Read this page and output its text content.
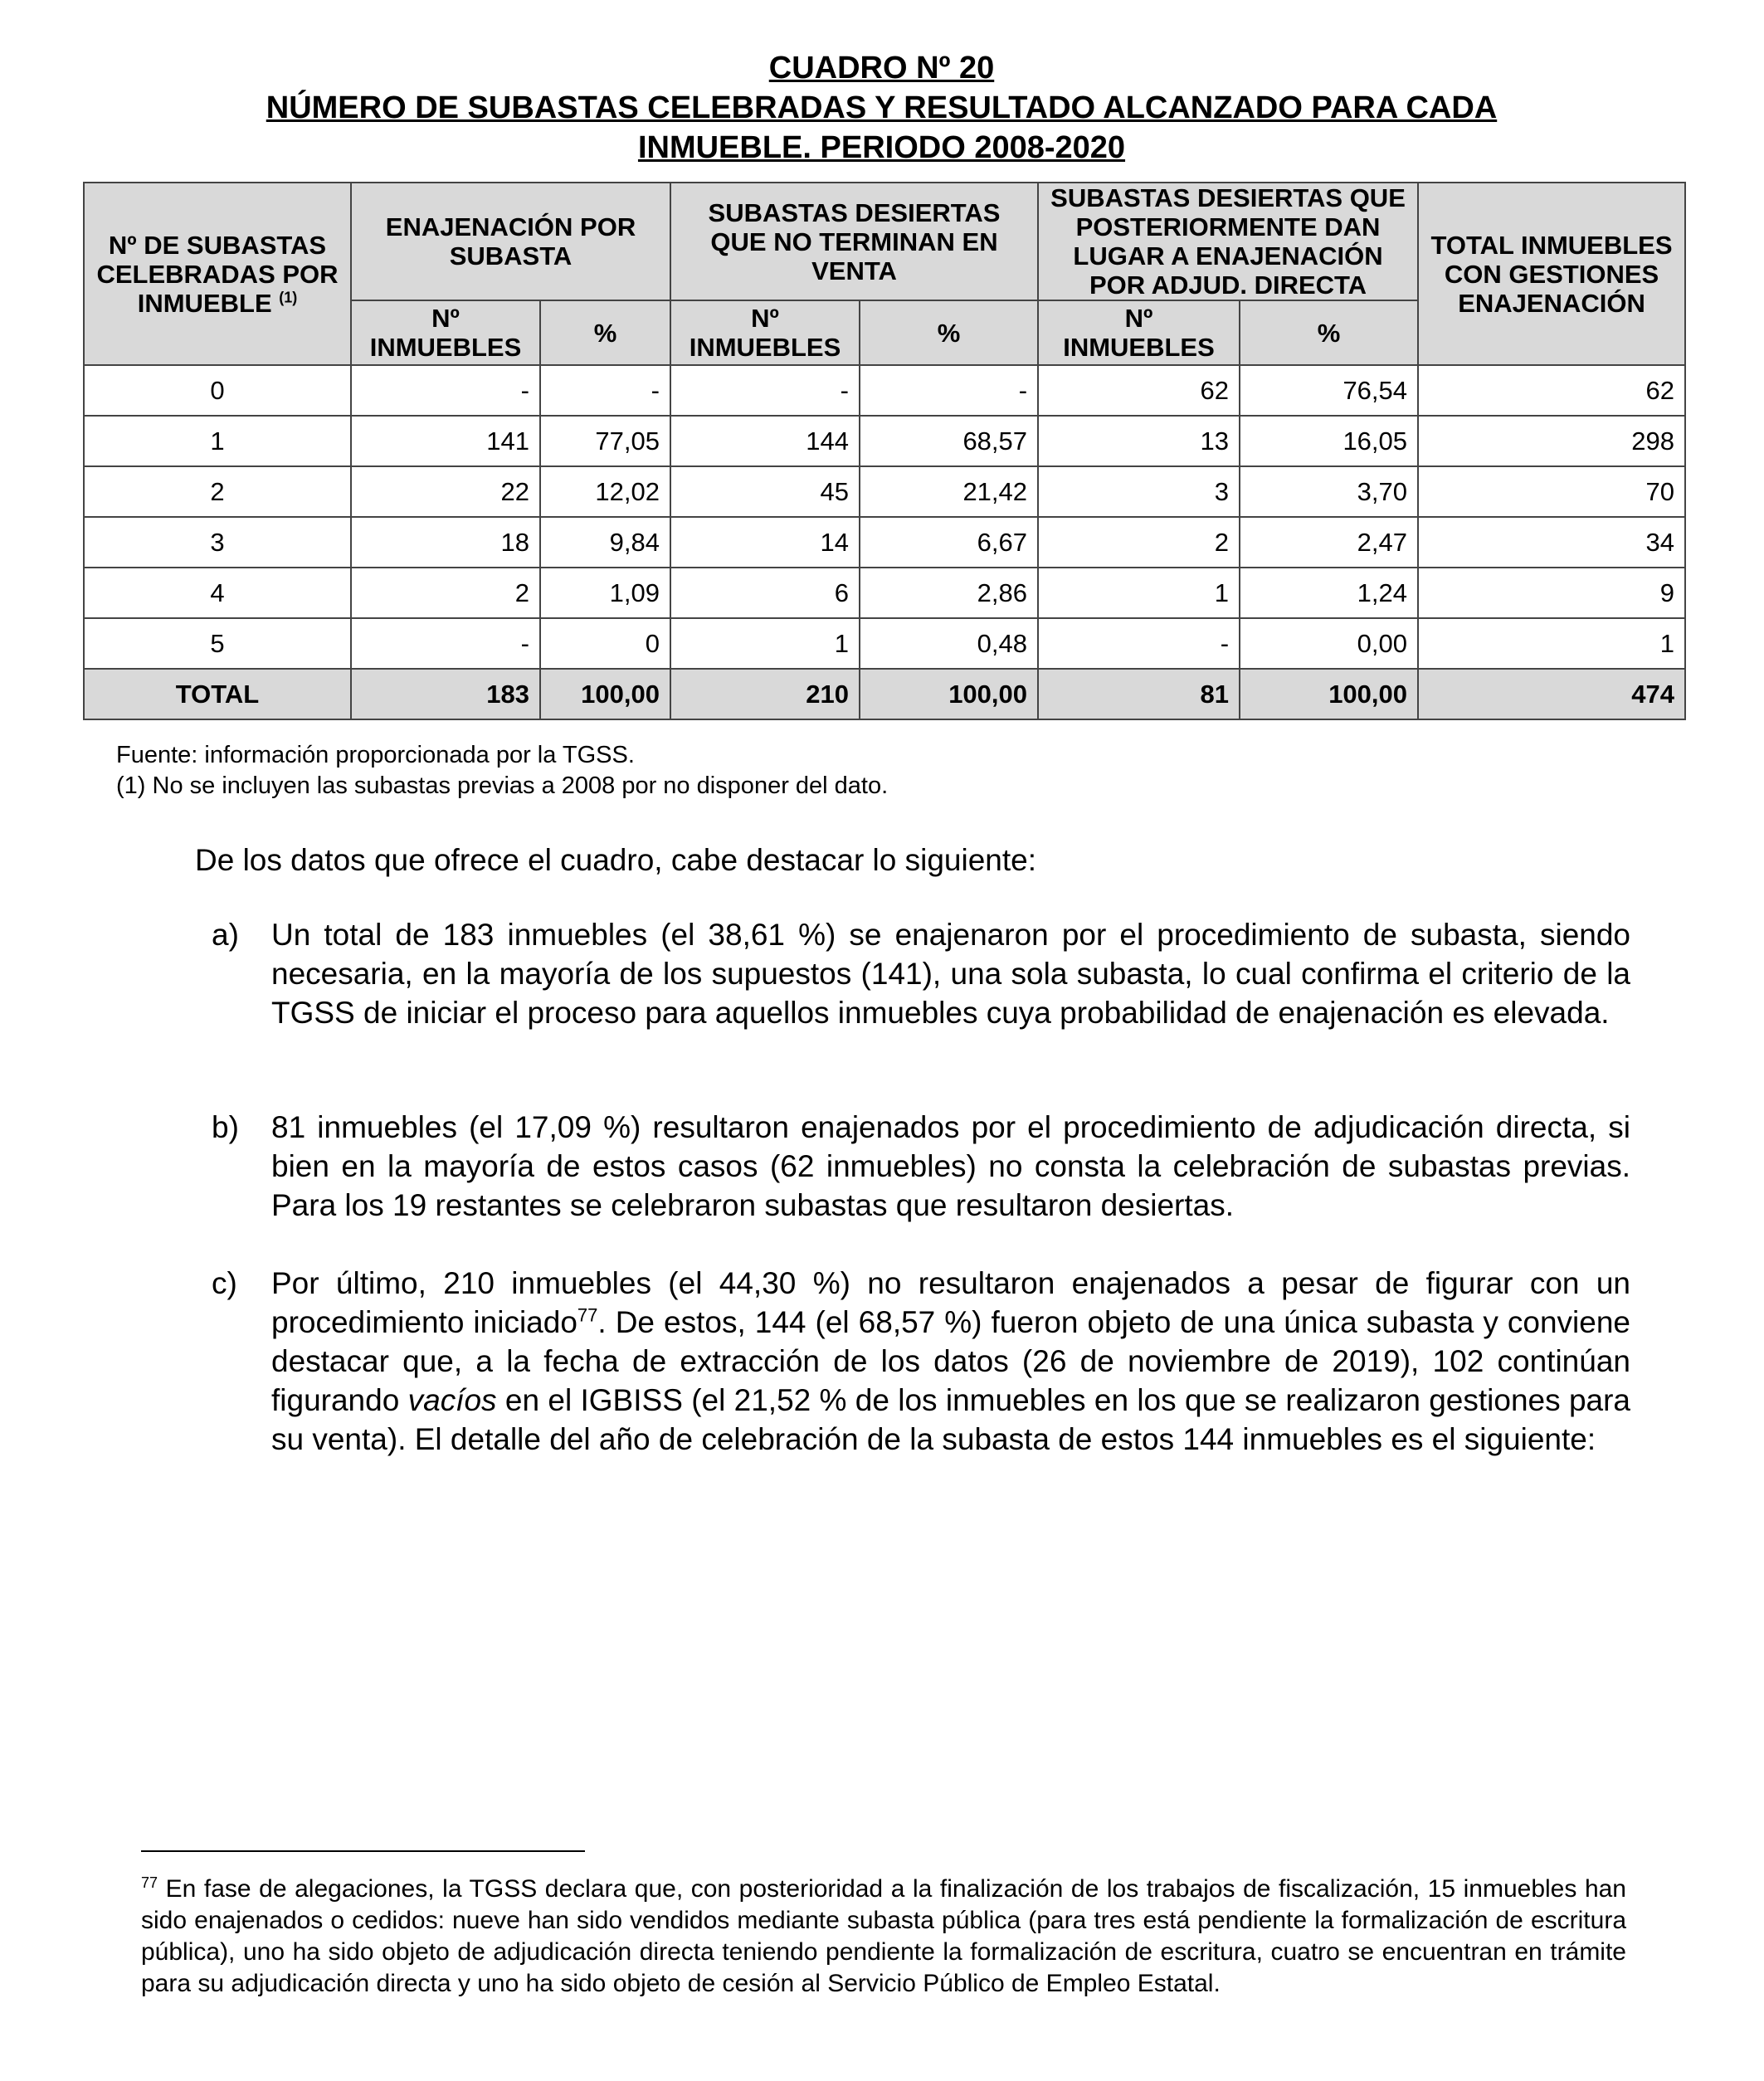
CUADRO Nº 20
NÚMERO DE SUBASTAS CELEBRADAS Y RESULTADO ALCANZADO PARA CADA
INMUEBLE. PERIODO 2008-2020
Nº DE SUBASTAS CELEBRADAS POR INMUEBLE $^{(1)}$	ENAJENACIÓN POR SUBASTA		SUBASTAS DESIERTAS QUE NO TERMINAN EN VENTA		SUBASTAS DESIERTAS QUE POSTERIORMENTE DAN LUGAR A ENAJENACIÓN POR ADJUD. DIRECTA		TOTAL INMUEBLES CON GESTIONES ENAJENACIÓN
	Nº INMUEBLES	%	Nº INMUEBLES	%	Nº INMUEBLES	%	
0	-	-	-	-	62	76,54	62
1	141	77,05	144	68,57	13	16,05	298
2	22	12,02	45	21,42	3	3,70	70
3	18	9,84	14	6,67	2	2,47	34
4	2	1,09	6	2,86	1	1,24	9
5	-	0	1	0,48	-	0,00	1
TOTAL	183	100,00	210	100,00	81	100,00	474
Fuente: información proporcionada por la TGSS.
(1) No se incluyen las subastas previas a 2008 por no disponer del dato.
De los datos que ofrece el cuadro, cabe destacar lo siguiente:
a)	Un total de 183 inmuebles (el 38,61 %) se enajenaron por el procedimiento de subasta, siendo necesaria, en la mayoría de los supuestos (141), una sola subasta, lo cual confirma el criterio de la TGSS de iniciar el proceso para aquellos inmuebles cuya probabilidad de enajenación es elevada.
b)	81 inmuebles (el 17,09 %) resultaron enajenados por el procedimiento de adjudicación directa, si bien en la mayoría de estos casos (62 inmuebles) no consta la celebración de subastas previas. Para los 19 restantes se celebraron subastas que resultaron desiertas.
c)	Por último, 210 inmuebles (el 44,30 %) no resultaron enajenados a pesar de figurar con un procedimiento iniciado$^{77}$. De estos, 144 (el 68,57 %) fueron objeto de una única subasta y conviene destacar que, a la fecha de extracción de los datos (26 de noviembre de 2019), 102 continúan figurando vacíos en el IGBISS (el 21,52 % de los inmuebles en los que se realizaron gestiones para su venta). El detalle del año de celebración de la subasta de estos 144 inmuebles es el siguiente:
$^{77}$ En fase de alegaciones, la TGSS declara que, con posterioridad a la finalización de los trabajos de fiscalización, 15 inmuebles han sido enajenados o cedidos: nueve han sido vendidos mediante subasta pública (para tres está pendiente la formalización de escritura pública), uno ha sido objeto de adjudicación directa teniendo pendiente la formalización de escritura, cuatro se encuentran en trámite para su adjudicación directa y uno ha sido objeto de cesión al Servicio Público de Empleo Estatal.
